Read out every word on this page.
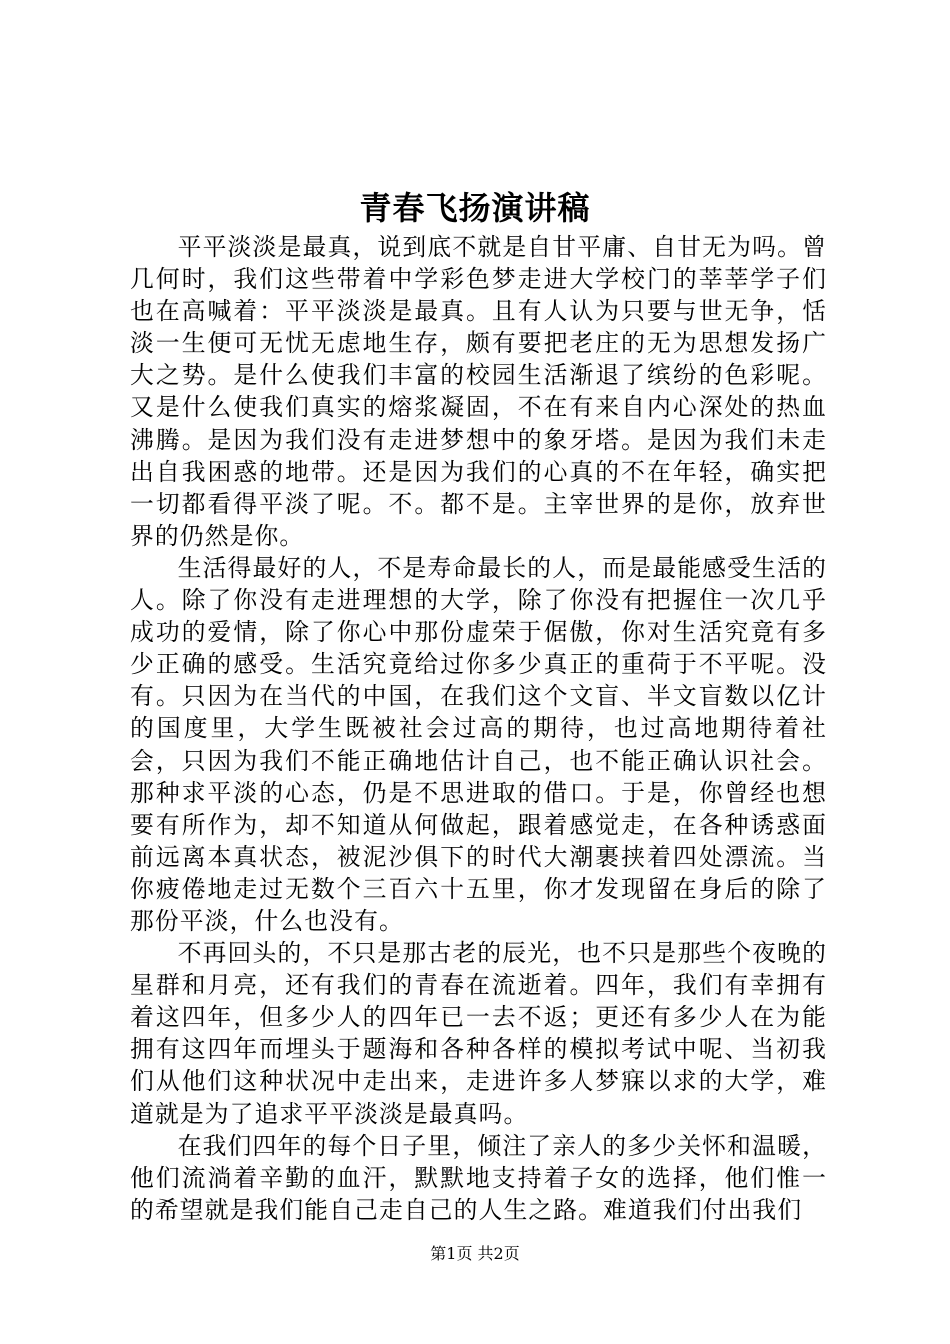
青春飞扬演讲稿

平平淡淡是最真，说到底不就是自甘平庸、自甘无为吗。曾几何时，我们这些带着中学彩色梦走进大学校门的莘莘学子们也在高喊着：平平淡淡是最真。且有人认为只要与世无争，恬淡一生便可无忧无虑地生存，颇有要把老庄的无为思想发扬广大之势。是什么使我们丰富的校园生活渐退了缤纷的色彩呢。又是什么使我们真实的熔浆凝固，不在有来自内心深处的热血沸腾。是因为我们没有走进梦想中的象牙塔。是因为我们未走出自我困惑的地带。还是因为我们的心真的不在年轻，确实把一切都看得平淡了呢。不。都不是。主宰世界的是你，放弃世界的仍然是你。

生活得最好的人，不是寿命最长的人，而是最能感受生活的人。除了你没有走进理想的大学，除了你没有把握住一次几乎成功的爱情，除了你心中那份虚荣于倨傲，你对生活究竟有多少正确的感受。生活究竟给过你多少真正的重荷于不平呢。没有。只因为在当代的中国，在我们这个文盲、半文盲数以亿计的国度里，大学生既被社会过高的期待，也过高地期待着社会，只因为我们不能正确地估计自己，也不能正确认识社会。那种求平淡的心态，仍是不思进取的借口。于是，你曾经也想要有所作为，却不知道从何做起，跟着感觉走，在各种诱惑面前远离本真状态，被泥沙俱下的时代大潮裹挟着四处漂流。当你疲倦地走过无数个三百六十五里，你才发现留在身后的除了那份平淡，什么也没有。

不再回头的，不只是那古老的辰光，也不只是那些个夜晚的星群和月亮，还有我们的青春在流逝着。四年，我们有幸拥有着这四年，但多少人的四年已一去不返；更还有多少人在为能拥有这四年而埋头于题海和各种各样的模拟考试中呢、当初我们从他们这种状况中走出来，走进许多人梦寐以求的大学，难道就是为了追求平平淡淡是最真吗。

在我们四年的每个日子里，倾注了亲人的多少关怀和温暖，他们流淌着辛勤的血汗，默默地支持着子女的选择，他们惟一的希望就是我们能自己走自己的人生之路。难道我们付出我们

第1页 共2页
